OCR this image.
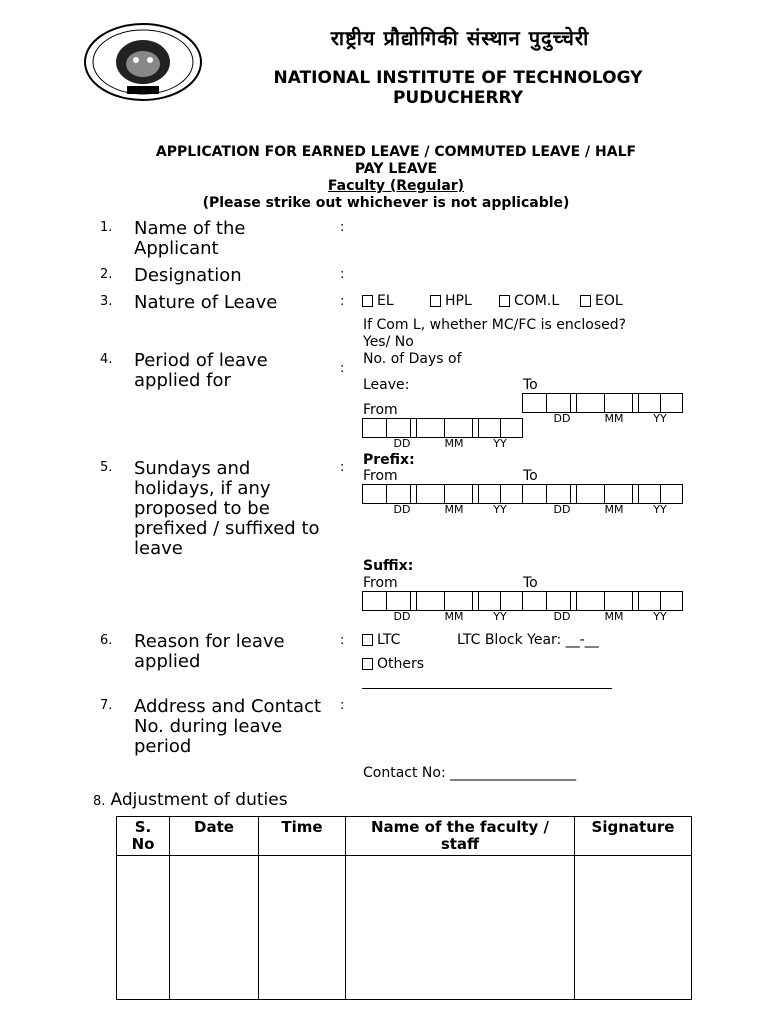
राष्ट्रीय प्रौद्योगिकी संस्थान पुदुच्चेरी
NATIONAL INSTITUTE OF TECHNOLOGY
PUDUCHERRY
APPLICATION FOR EARNED LEAVE / COMMUTED LEAVE / HALF
PAY LEAVE
Faculty (Regular)
(Please strike out whichever is not applicable)
1. Name of the Applicant
:
2. Designation	:
3. Nature of Leave	:	EL	HPL	COM.L	EOL
If Com L, whether MC/FC is enclosed?
Yes/ No
4. Period of leave applied for
:
No. of Days of
Leave:	To
From
DD	MM	YY
DD	MM	YY
5. Sundays and holidays, if any proposed to be prefixed / suffixed to leave
: Prefix:
From	To
DD	MM	YY	DD	MM	YY
Suffix:
From	To
DD	MM	YY	DD	MM	YY
6. Reason for leave applied
:	LTC	LTC Block Year: __-__
Others
7. Address and Contact No. during leave period
:
Contact No: __________________
8. Adjustment of duties
S. No	Date	Time	Name of the faculty / staff	Signature
